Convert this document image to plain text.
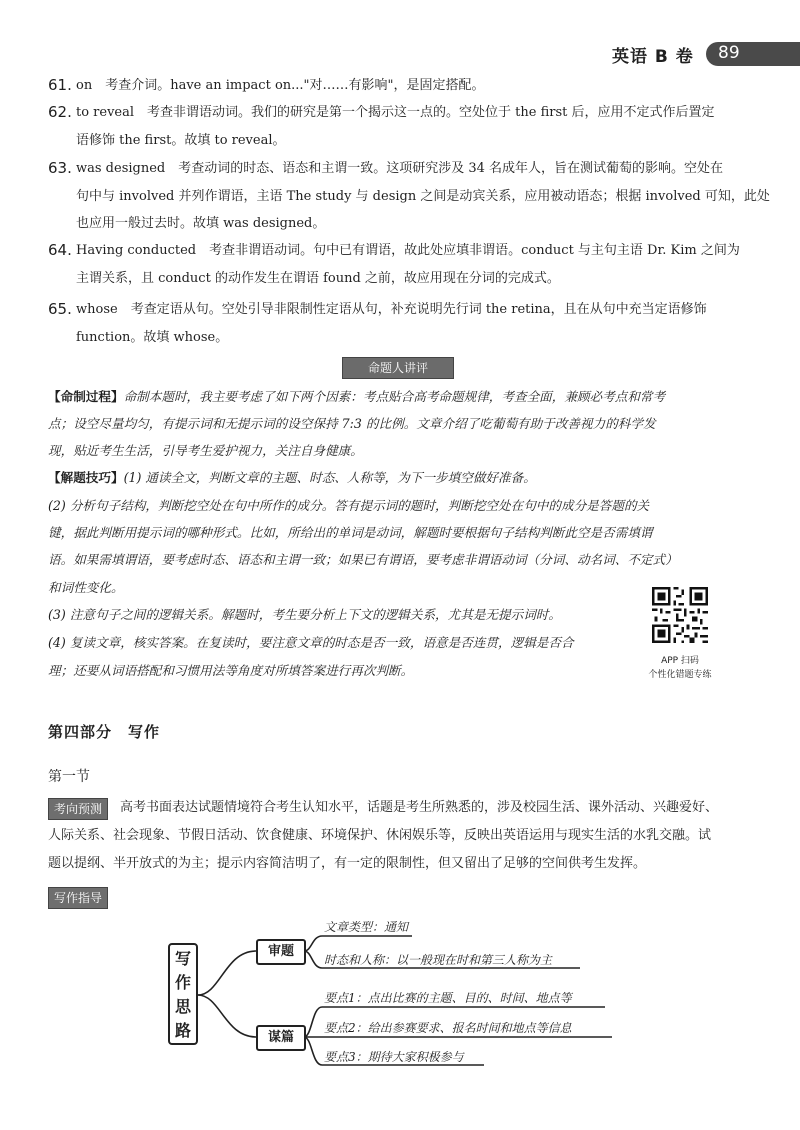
英语 B 卷 89
61. on　考查介词。have an impact on..."对……有影响"，是固定搭配。
62. to reveal　考查非谓语动词。我们的研究是第一个揭示这一点的。空处位于 the first 后，应用不定式作后置定
语修饰 the first。故填 to reveal。
63. was designed　考查动词的时态、语态和主谓一致。这项研究涉及 34 名成年人，旨在测试葡萄的影响。空处在
句中与 involved 并列作谓语，主语 The study 与 design 之间是动宾关系，应用被动语态；根据 involved 可知，此处
也应用一般过去时。故填 was designed。
64. Having conducted　考查非谓语动词。句中已有谓语，故此处应填非谓语。conduct 与主句主语 Dr. Kim 之间为
主谓关系，且 conduct 的动作发生在谓语 found 之前，故应用现在分词的完成式。
65. whose　考查定语从句。空处引导非限制性定语从句，补充说明先行词 the retina，且在从句中充当定语修饰
function。故填 whose。
命题人讲评
【命制过程】命制本题时，我主要考虑了如下两个因素：考点贴合高考命题规律，考查全面，兼顾必考点和常考
点；设空尽量均匀，有提示词和无提示词的设空保持 7:3 的比例。文章介绍了吃葡萄有助于改善视力的科学发
现，贴近考生生活，引导考生爱护视力，关注自身健康。
【解题技巧】(1) 通读全文，判断文章的主题、时态、人称等，为下一步填空做好准备。
(2) 分析句子结构，判断挖空处在句中所作的成分。答有提示词的题时，判断挖空处在句中的成分是答题的关
键，据此判断用提示词的哪种形式。比如，所给出的单词是动词，解题时要根据句子结构判断此空是否需填谓
语。如果需填谓语，要考虑时态、语态和主谓一致；如果已有谓语，要考虑非谓语动词（分词、动名词、不定式）
和词性变化。
(3) 注意句子之间的逻辑关系。解题时，考生要分析上下文的逻辑关系，尤其是无提示词时。
(4) 复读文章，核实答案。在复读时，要注意文章的时态是否一致，语意是否连贯，逻辑是否合
理；还要从词语搭配和习惯用法等角度对所填答案进行再次判断。
APP 扫码
个性化错题专练
第四部分　写作
第一节
考向预测	高考书面表达试题情境符合考生认知水平，话题是考生所熟悉的，涉及校园生活、课外活动、兴趣爱好、
人际关系、社会现象、节假日活动、饮食健康、环境保护、休闲娱乐等，反映出英语运用与现实生活的水乳交融。试
题以提纲、半开放式的为主；提示内容简洁明了，有一定的限制性，但又留出了足够的空间供考生发挥。
写作指导
写作思路
审题
谋篇
文章类型：通知
时态和人称：以一般现在时和第三人称为主
要点1：点出比赛的主题、目的、时间、地点等
要点2：给出参赛要求、报名时间和地点等信息
要点3：期待大家积极参与
